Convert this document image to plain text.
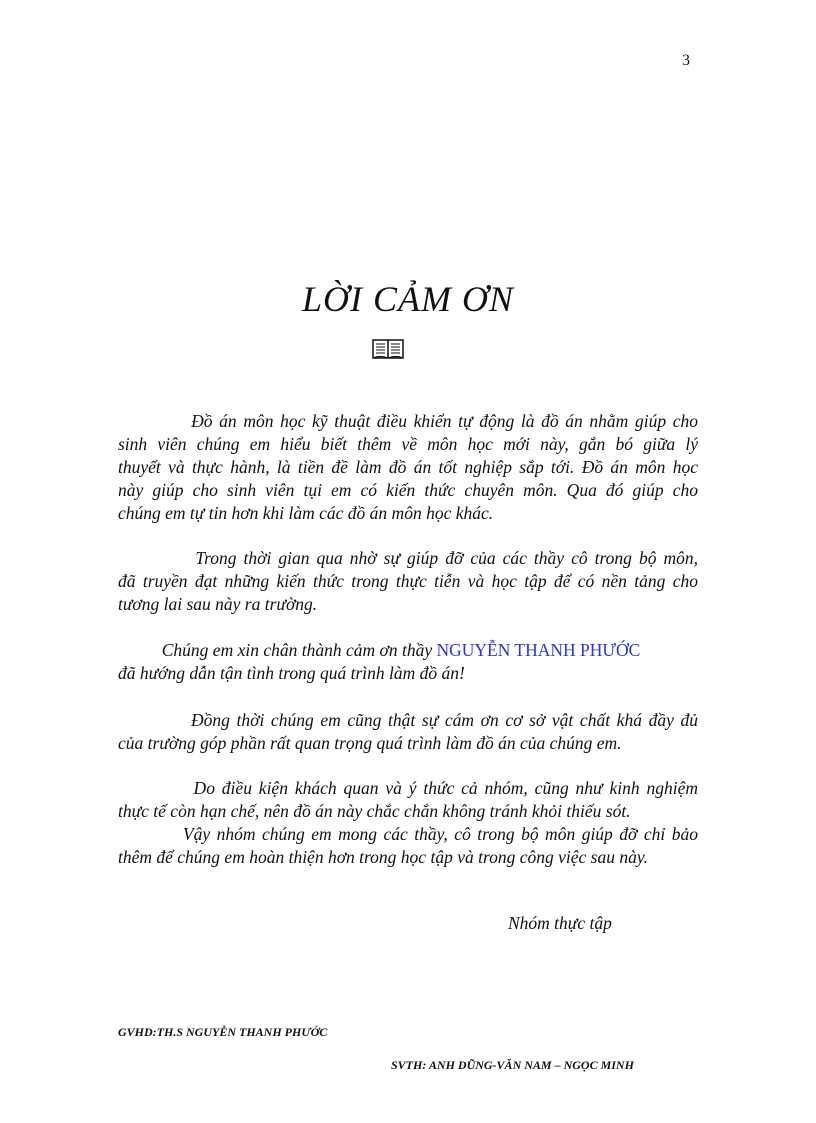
3
LỜI CẢM ƠN
Đồ án môn học kỹ thuật điều khiển tự động là đồ án nhằm giúp cho
sinh viên chúng em hiểu biết thêm về môn học mới này, gắn bó giữa lý
thuyết và thực hành, là tiền đề làm đồ án tốt nghiệp sắp tới. Đồ án môn học
này giúp cho sinh viên tụi em có kiến thức chuyên môn. Qua đó giúp cho
chúng em tự tin hơn khi làm các đồ án môn học khác.
Trong thời gian qua nhờ sự giúp đỡ của các thầy cô trong bộ môn,
đã truyền đạt những kiến thức trong thực tiễn và học tập để có nền tảng cho
tương lai sau này ra trường.
Chúng em xin chân thành cảm ơn thầy NGUYỄN THANH PHƯỚC
đã hướng dẫn tận tình trong quá trình làm đồ án!
Đồng thời chúng em cũng thật sự cám ơn cơ sở vật chất khá đầy đủ
của trường góp phần rất quan trọng quá trình làm đồ án của chúng em.
Do điều kiện khách quan và ý thức cả nhóm, cũng như kinh nghiệm
thực tế còn hạn chế, nên đồ án này chắc chắn không tránh khỏi thiếu sót.
Vậy nhóm chúng em mong các thầy, cô trong bộ môn giúp đỡ chỉ bảo
thêm để chúng em hoàn thiện hơn trong học tập và trong công việc sau này.
Nhóm thực tập
GVHD:TH.S NGUYỄN THANH PHƯỚC
SVTH: ANH DŨNG-VĂN NAM – NGỌC MINH
